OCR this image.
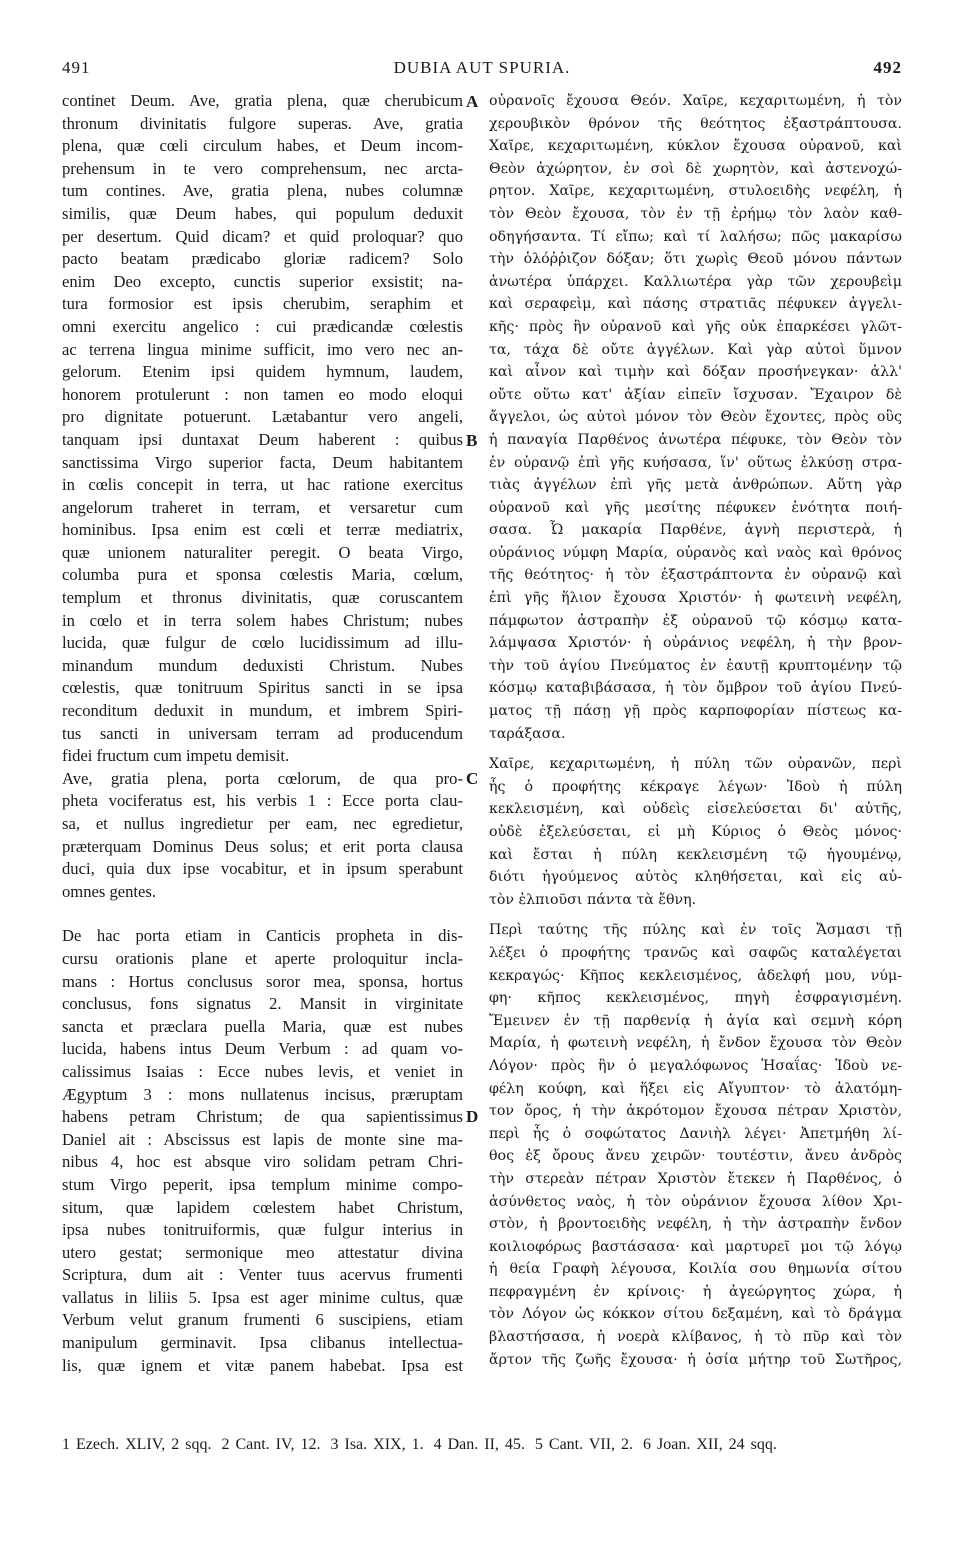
491	DUBIA AUT SPURIA.	492
continet Deum. Ave, gratia plena, quæ cherubicum
thronum divinitatis fulgore superas. Ave, gratia
plena, quæ cœli circulum habes, et Deum incom-
prehensum in te vero comprehensum, nec arcta-
tum contines. Ave, gratia plena, nubes columnæ
similis, quæ Deum habes, qui populum deduxit
per desertum. Quid dicam? et quid proloquar? quo
pacto beatam prædicabo gloriæ radicem? Solo
enim Deo excepto, cunctis superior exsistit; na-
tura formosior est ipsis cherubim, seraphim et
omni exercitu angelico : cui prædicandæ cœlestis
ac terrena lingua minime sufficit, imo vero nec an-
gelorum. Etenim ipsi quidem hymnum, laudem,
honorem protulerunt : non tamen eo modo eloqui
pro dignitate potuerunt. Lætabantur vero angeli,
tanquam ipsi duntaxat Deum haberent : quibus
sanctissima Virgo superior facta, Deum habitantem
in cœlis concepit in terra, ut hac ratione exercitus
angelorum traheret in terram, et versaretur cum
hominibus. Ipsa enim est cœli et terræ mediatrix,
quæ unionem naturaliter peregit. O beata Virgo,
columba pura et sponsa cœlestis Maria, cœlum,
templum et thronus divinitatis, quæ coruscantem
in cœlo et in terra solem habes Christum; nubes
lucida, quæ fulgur de cœlo lucidissimum ad illu-
minandum mundum deduxisti Christum. Nubes
cœlestis, quæ tonitruum Spiritus sancti in se ipsa
reconditum deduxit in mundum, et imbrem Spiri-
tus sancti in universam terram ad producendum
fidei fructum cum impetu demisit.
Ave, gratia plena, porta cœlorum, de qua pro-
pheta vociferatus est, his verbis 1 : Ecce porta clau-
sa, et nullus ingredietur per eam, nec egredietur,
præterquam Dominus Deus solus; et erit porta clausa
duci, quia dux ipse vocabitur, et in ipsum sperabunt
omnes gentes.
De hac porta etiam in Canticis propheta in dis-
cursu orationis plane et aperte proloquitur incla-
mans : Hortus conclusus soror mea, sponsa, hortus
conclusus, fons signatus 2. Mansit in virginitate
sancta et præclara puella Maria, quæ est nubes
lucida, habens intus Deum Verbum : ad quam vo-
calissimus Isaias : Ecce nubes levis, et veniet in
Ægyptum 3 : mons nullatenus incisus, præruptam
habens petram Christum; de qua sapientissimus
Daniel ait : Abscissus est lapis de monte sine ma-
nibus 4, hoc est absque viro solidam petram Chri-
stum Virgo peperit, ipsa templum minime compo-
situm, quæ lapidem cœlestem habet Christum,
ipsa nubes tonitruiformis, quæ fulgur interius in
utero gestat; sermonique meo attestatur divina
Scriptura, dum ait : Venter tuus acervus frumenti
vallatus in liliis 5. Ipsa est ager minime cultus, quæ
Verbum velut granum frumenti 6 suscipiens, etiam
manipulum germinavit. Ipsa clibanus intellectua-
lis, quæ ignem et vitæ panem habebat. Ipsa est
οὐρανοῖς ἔχουσα Θεόν. Χαῖρε, κεχαριτωμένη, ἡ τὸν
χερουβικὸν θρόνον τῆς θεότητος ἐξαστράπτουσα.
Χαῖρε, κεχαριτωμένη, κύκλον ἔχουσα οὐρανοῦ, καὶ
Θεὸν ἀχώρητον, ἐν σοὶ δὲ χωρητὸν, καὶ ἀστενοχώ-
ρητον. Χαῖρε, κεχαριτωμένη, στυλοειδὴς νεφέλη, ἡ
τὸν Θεὸν ἔχουσα, τὸν ἐν τῇ ἐρήμῳ τὸν λαὸν καθ-
οδηγήσαντα. Τί εἴπω; καὶ τί λαλήσω; πῶς μακαρίσω
τὴν ὁλόῤῥιζον δόξαν; ὅτι χωρὶς Θεοῦ μόνου πάντων
ἀνωτέρα ὑπάρχει. Καλλιωτέρα γὰρ τῶν χερουβεὶμ
καὶ σεραφεὶμ, καὶ πάσης στρατιᾶς πέφυκεν ἀγγελι-
κῆς· πρὸς ἣν οὐρανοῦ καὶ γῆς οὐκ ἐπαρκέσει γλῶτ-
τα, τάχα δὲ οὔτε ἀγγέλων. Καὶ γὰρ αὐτοὶ ὕμνον
καὶ αἶνον καὶ τιμὴν καὶ δόξαν προσήνεγκαν· ἀλλ'
οὔτε οὕτω κατ' ἀξίαν εἰπεῖν ἴσχυσαν. Ἔχαιρον δὲ
ἄγγελοι, ὡς αὐτοὶ μόνον τὸν Θεὸν ἔχοντες, πρὸς οὓς
ἡ παναγία Παρθένος ἀνωτέρα πέφυκε, τὸν Θεὸν τὸν
ἐν οὐρανῷ ἐπὶ γῆς κυήσασα, ἵν' οὕτως ἑλκύσῃ στρα-
τιὰς ἀγγέλων ἐπὶ γῆς μετὰ ἀνθρώπων. Αὕτη γὰρ
οὐρανοῦ καὶ γῆς μεσίτης πέφυκεν ἑνότητα ποιή-
σασα. Ὦ μακαρία Παρθένε, ἁγνὴ περιστερὰ, ἡ
οὐράνιος νύμφη Μαρία, οὐρανὸς καὶ ναὸς καὶ θρόνος
τῆς θεότητος· ἡ τὸν ἐξαστράπτοντα ἐν οὐρανῷ καὶ
ἐπὶ γῆς ἥλιον ἔχουσα Χριστόν· ἡ φωτεινὴ νεφέλη,
πάμφωτον ἀστραπὴν ἐξ οὐρανοῦ τῷ κόσμῳ κατα-
λάμψασα Χριστόν· ἡ οὐράνιος νεφέλη, ἡ τὴν βρον-
τὴν τοῦ ἁγίου Πνεύματος ἐν ἑαυτῇ κρυπτομένην τῷ
κόσμῳ καταβιβάσασα, ἡ τὸν ὄμβρον τοῦ ἁγίου Πνεύ-
ματος τῇ πάσῃ γῇ πρὸς καρποφορίαν πίστεως κα-
ταράξασα.
Χαῖρε, κεχαριτωμένη, ἡ πύλη τῶν οὐρανῶν, περὶ
ἧς ὁ προφήτης κέκραγε λέγων· Ἰδοὺ ἡ πύλη
κεκλεισμένη, καὶ οὐδεὶς εἰσελεύσεται δι' αὐτῆς,
οὐδὲ ἐξελεύσεται, εἰ μὴ Κύριος ὁ Θεὸς μόνος·
καὶ ἔσται ἡ πύλη κεκλεισμένη τῷ ἡγουμένῳ,
διότι ἡγούμενος αὐτὸς κληθήσεται, καὶ εἰς αὐ-
τὸν ἐλπιοῦσι πάντα τὰ ἔθνη.
Περὶ ταύτης τῆς πύλης καὶ ἐν τοῖς Ἄσμασι τῇ
λέξει ὁ προφήτης τρανῶς καὶ σαφῶς καταλέγεται
κεκραγώς· Κῆπος κεκλεισμένος, ἀδελφή μου, νύμ-
φη· κῆπος κεκλεισμένος, πηγὴ ἐσφραγισμένη.
Ἔμεινεν ἐν τῇ παρθενίᾳ ἡ ἁγία καὶ σεμνὴ κόρη
Μαρία, ἡ φωτεινὴ νεφέλη, ἡ ἔνδον ἔχουσα τὸν Θεὸν
Λόγον· πρὸς ἣν ὁ μεγαλόφωνος Ἡσαΐας· Ἰδοὺ νε-
φέλη κούφη, καὶ ἥξει εἰς Αἴγυπτον· τὸ ἀλατόμη-
τον ὄρος, ἡ τὴν ἀκρότομον ἔχουσα πέτραν Χριστὸν,
περὶ ἧς ὁ σοφώτατος Δανιὴλ λέγει· Ἀπετμήθη λί-
θος ἐξ ὄρους ἄνευ χειρῶν· τουτέστιν, ἄνευ ἀνδρὸς
τὴν στερεὰν πέτραν Χριστὸν ἔτεκεν ἡ Παρθένος, ὁ
ἀσύνθετος ναὸς, ἡ τὸν οὐράνιον ἔχουσα λίθον Χρι-
στὸν, ἡ βροντοειδὴς νεφέλη, ἡ τὴν ἀστραπὴν ἔνδον
κοιλιοφόρως βαστάσασα· καὶ μαρτυρεῖ μοι τῷ λόγῳ
ἡ θεία Γραφὴ λέγουσα, Κοιλία σου θημωνία σίτου
πεφραγμένη ἐν κρίνοις· ἡ ἀγεώργητος χώρα, ἡ
τὸν Λόγον ὡς κόκκον σίτου δεξαμένη, καὶ τὸ δράγμα
βλαστήσασα, ἡ νοερὰ κλίβανος, ἡ τὸ πῦρ καὶ τὸν
ἄρτον τῆς ζωῆς ἔχουσα· ἡ ὁσία μήτηρ τοῦ Σωτῆρος,
A
B
C
D
1 Ezech. XLIV, 2 sqq. 2 Cant. IV, 12. 3 Isa. XIX, 1. 4 Dan. II, 45. 5 Cant. VII, 2. 6 Joan. XII, 24 sqq.
